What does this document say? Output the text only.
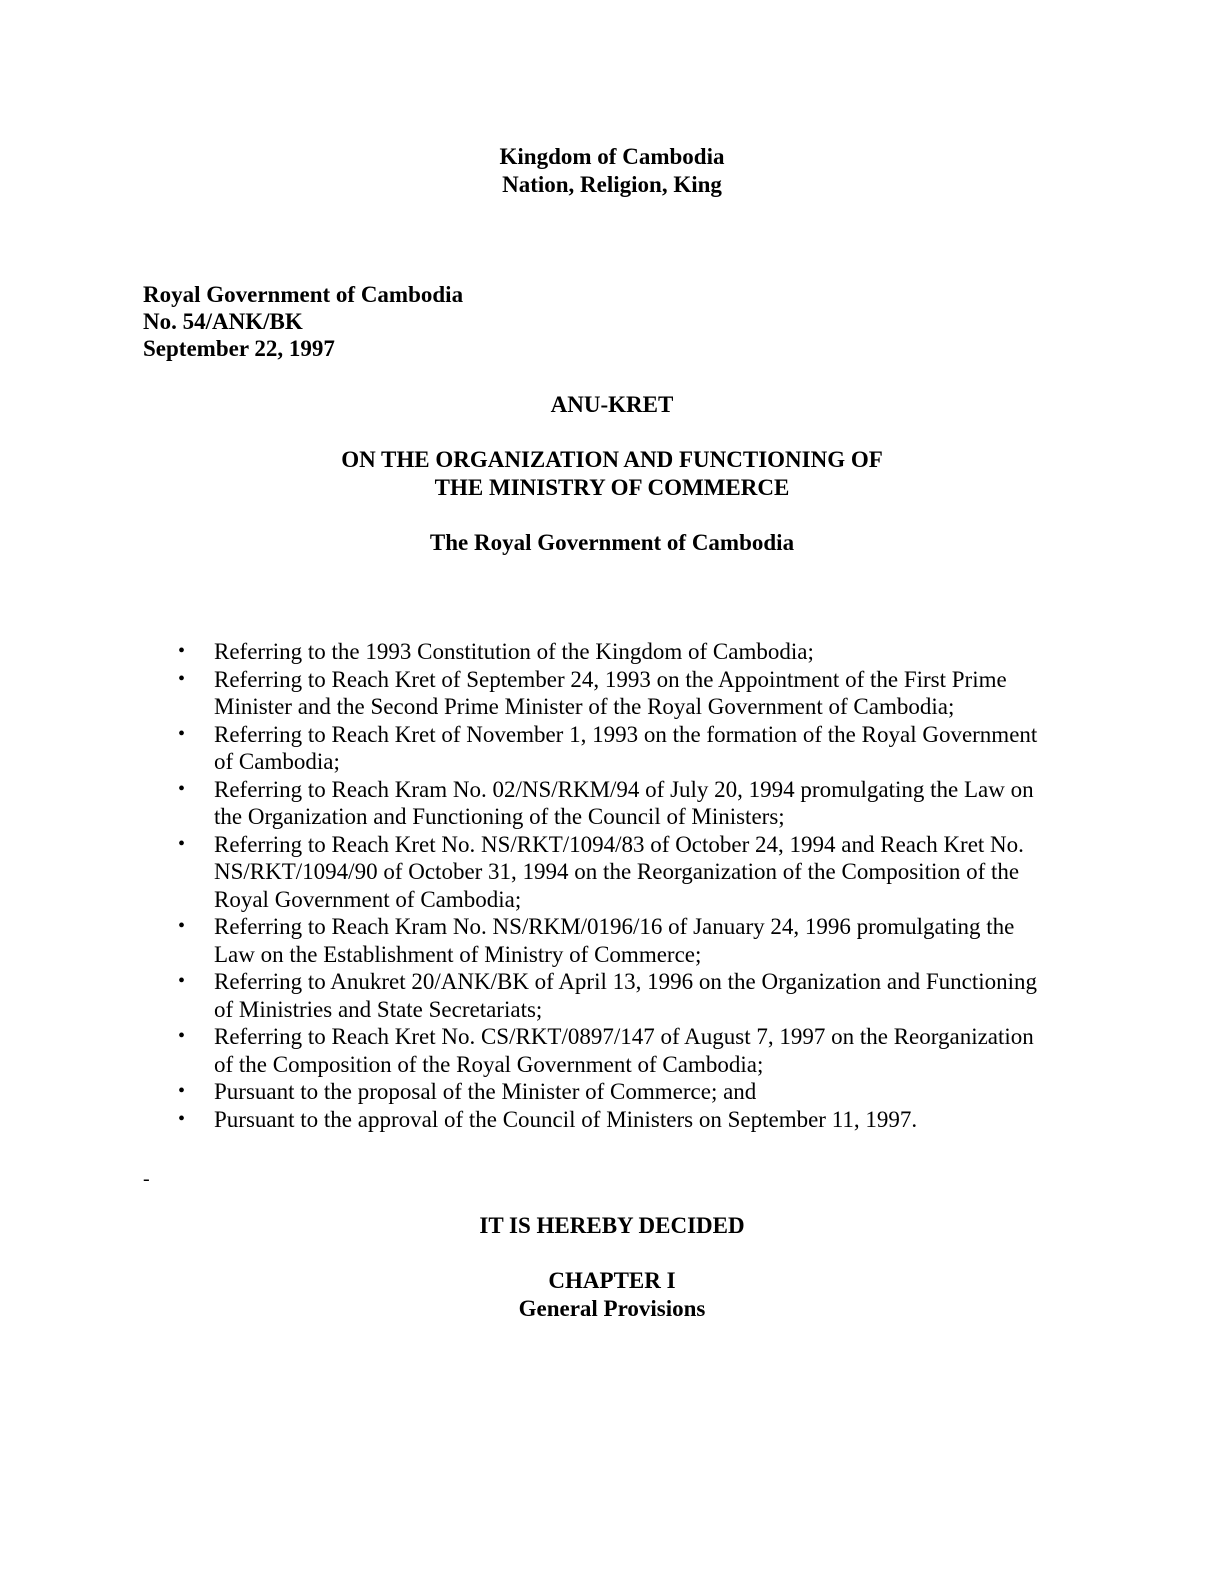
Kingdom of Cambodia
Nation, Religion, King
Royal Government of Cambodia
No. 54/ANK/BK
September 22, 1997
ANU-KRET
ON THE ORGANIZATION AND FUNCTIONING OF
THE MINISTRY OF COMMERCE
The Royal Government of Cambodia
• Referring to the 1993 Constitution of the Kingdom of Cambodia;
• Referring to Reach Kret of September 24, 1993 on the Appointment of the First Prime
Minister and the Second Prime Minister of the Royal Government of Cambodia;
• Referring to Reach Kret of November 1, 1993 on the formation of the Royal Government
of Cambodia;
• Referring to Reach Kram No. 02/NS/RKM/94 of July 20, 1994 promulgating the Law on
the Organization and Functioning of the Council of Ministers;
• Referring to Reach Kret No. NS/RKT/1094/83 of October 24, 1994 and Reach Kret No.
NS/RKT/1094/90 of October 31, 1994 on the Reorganization of the Composition of the
Royal Government of Cambodia;
• Referring to Reach Kram No. NS/RKM/0196/16 of January 24, 1996 promulgating the
Law on the Establishment of Ministry of Commerce;
• Referring to Anukret 20/ANK/BK of April 13, 1996 on the Organization and Functioning
of Ministries and State Secretariats;
• Referring to Reach Kret No. CS/RKT/0897/147 of August 7, 1997 on the Reorganization
of the Composition of the Royal Government of Cambodia;
• Pursuant to the proposal of the Minister of Commerce; and
• Pursuant to the approval of the Council of Ministers on September 11, 1997.
-
IT IS HEREBY DECIDED
CHAPTER I
General Provisions
